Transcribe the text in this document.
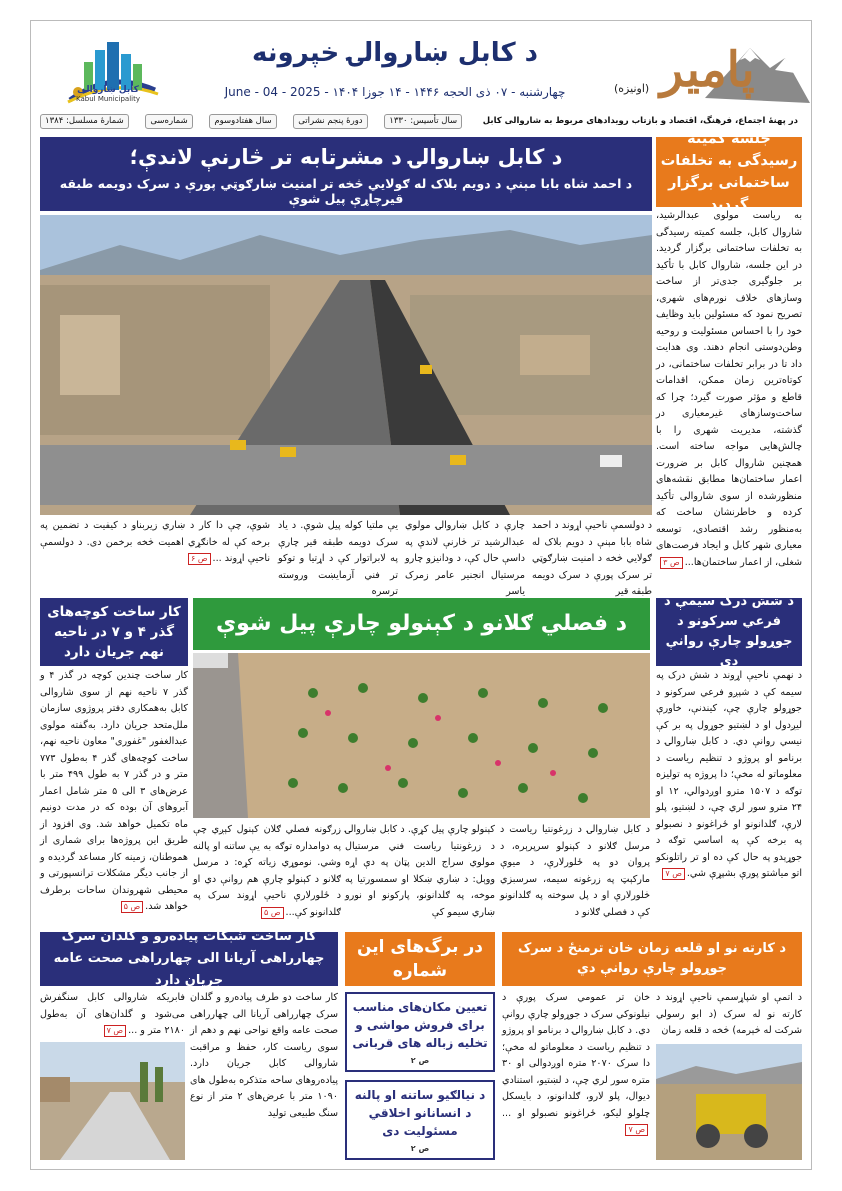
کابل ښاروالی
Kabul Municipality
د کابل ښاروالۍ خپرونه
چهارشنبه - ۰۷ ذی الحجه ۱۴۴۶ - ۱۴ جوزا ۱۴۰۴ - June - 04 - 2025	پامیر
(اونیزه)
در پهنهٔ اجتماع، فرهنگ، اقتصاد و بازتاب رویدادهای مربوط به شاروالی کابل
سال تأسیس: ۱۳۳۰
دورهٔ پنجم نشراتی
سال هفتادوسوم
شماره‌سی
شمارهٔ مسلسل: ۱۳۸۴
د کابل ښاروالۍ د مشرتابه تر څارنې لاندې؛
د احمد شاه بابا مېنې د دویم بلاک له ګولایي څخه تر امنیت ښارګوټي پورې د سرک دویمه طبقه قیرچاړې پیل شوې
د دولسمې ناحیې اړوند د احمد شاه بابا مېنې د دویم بلاک له ګولایي څخه د امنیت ښارګوټي تر سرک پورې د سرک دویمه طبقه قیر
چارې د کابل ښاروالۍ مولوي عبدالرشید تر څارنې لاندې په داسې حال کې، د ودانیزو چارو مرستیال انجنیر عامر زمرک یاسر
یې ملتیا کوله پیل شوې. د یاد سرک دویمه طبقه قیر چارې په لابراتوار کې د اړتیا و توکو تر فني آزمایښت وروسته ترسره
شوې، چې دا کار د ښاري زیربناو د کیفیت د تضمین په برخه کې له خانګړي اهمیت څخه برخمن دی. د دولسمې ناحیې اړوند ...ص ۶
جلسه کمیته رسیدگی به تخلفات ساختمانی برگزار گردید
به ریاست مولوی عبدالرشید، شاروال کابل، جلسه کمیته رسیدگی به تخلفات ساختمانی برگزار گردید. در این جلسه، شاروال کابل با تأکید بر جلوگیری جدی‌تر از ساخت وسازهای خلاف نورم‌های شهری، تصریح نمود که مسئولین باید وظایف خود را با احساس مسئولیت و روحیه وطن‌دوستی انجام دهند. وی هدایت داد تا در برابر تخلفات ساختمانی، در کوتاه‌ترین زمان ممکن، اقدامات قاطع و مؤثر صورت گیرد؛ چرا که ساخت‌وسازهای غیرمعیاری در گذشته، مدیریت شهری را با چالش‌هایی مواجه ساخته است. همچنین شاروال کابل بر ضرورت اعمار ساختمان‌ها مطابق نقشه‌های منظورشده از سوی شاروالی تأکید کرده و خاطرنشان ساخت که به‌منظور رشد اقتصادی، توسعه معیاری شهر کابل و ایجاد فرصت‌های شغلی، از اعمار ساختمان‌ها...ص ۳
کار ساخت کوچه‌های گذر ۴ و ۷ در ناحیه نهم جریان دارد
کار ساخت چندین کوچه در گذر ۴ و گذر ۷ ناحیه نهم از سوی شاروالی کابل به‌همکاری دفتر پروژوی سازمان ملل‌متحد جریان دارد. به‌گفته مولوی عبدالغفور "غفوری" معاون ناحیه نهم، ساخت کوچه‌های گذر ۴ به‌طول ۷۷۳ متر و در گذر ۷ به طول ۴۹۹ متر با عرض‌های ۳ الی ۵ متر شامل اعمار آبروهای آن بوده که در مدت دونیم ماه تکمیل خواهد شد. وی افزود از طریق این پروژه‌ها برای شماری از هموطنان، زمینه کار مساعد گردیده و از جانب دیگر مشکلات ترانسپورتی و محیطی شهروندان ساحات برطرف خواهد شد.ص ۵
د فصلي ګلانو د کېنولو چارې پیل شوې
د کابل ښاروالۍ د زرغونتیا ریاست د مرسل ګلانو د کېنولو سرپرېره، د پروان دو په ځلورلارې، د میوې مارکېټ په زرغونه سیمه، سرسبزي څلورلارې او د پل سوخته په ګلدانونو کې د فصلي ګلانو د
کېنولو چارې پیل کړې. د کابل ښاروالۍ د زرغونتیا ریاست فني مرستیال مولوي سراج الدین پټان په دې اړه ووېل: د ښاري ښکلا او سمسورتیا په موخه، په ګلدانونو، پارکونو او نورو ښاري سیمو کې
زرګونه فصلي ګلان کېنول کېږي چې په دوامداره توګه به یې ساتنه او پالنه وشي. نوموړي زیاته کړه: د مرسل ګلانو د کېنولو چارې هم روانې دي او د ځلورلارې ناحیې اړوند سرک په ګلدانونو کې...ص ۵
د شش درک سیمې د فرعي سرکونو د جوړولو چارې روانې دي
د نهمې ناحیې اړوند د شش درک په سیمه کې د شپږو فرعي سرکونو د جوړولو چارې چې، کیندنې، خاورې لیږدول او د لښتیو جوړول په بر کې نیسي روانې دي. د کابل ښاروالۍ د برنامو او پروژو د تنظیم ریاست د معلوماتو له مخې؛ دا پروژه په تولیزه توګه د ۱۵۰۷ مترو اوږدوالي، ۱۲ او ۲۴ مترو سور لري چې، د لښتیو، پلو لارې، ګلدانونو او ځراغونو د نصبولو په برخه کې په اساسي توګه د جوړېدو په حال کې ده او تر راتلونکو اتو میاشتو پورې بشپړې شي.ص ۷
کار ساخت شبکات پیاده‌رو و گلدان سرک چهارراهی آریانا الی چهارراهی صحت عامه جریان دارد
کار ساخت دو طرف پیاده‌رو و گلدان سرک چهارراهی آریانا الی چهارراهی صحت عامه واقع نواحی نهم و دهم از سوی ریاست کار، حفظ و مراقبت شاروالی کابل جریان دارد. پیاده‌روهای ساحه متذکره به‌طول های ۱۰۹۰ متر با عرض‌های ۲ متر از نوع سنگ طبیعی تولید
فابریکه شاروالی کابل سنگفرش می‌شود و گلدان‌های آن به‌طول ۲۱۸۰ متر و ...ص ۷
در برگ‌های این شماره
تعیین مکان‌های مناسب برای فروش مواشی و تخلیه زباله های قربانی
ص ۲
د نیالګیو ساتنه او پالنه د انسانانو اخلاقي مسئولیت دی
ص ۲
د کارته نو او قلعه زمان خان ترمنځ د سرک جوړولو چارې روانې دي
د اتمې او شپاړسمې ناحیې اړوند د کارته نو له سرک (د ابو رسولي شرکت له څېرمه) څخه د قلعه زمان
خان تر عمومي سرک پورې د نیلونوکي سرک د جوړولو چارې روانې دي. د کابل ښاروالۍ د برنامو او پروژو د تنظیم ریاست د معلوماتو له مخې؛ دا سرک ۲۰۷۰ متره اوږدوالی او ۳۰ متره سور لري چې، د لښتیو، استنادي دیوال، پلو لارو، ګلدانونو، د بایسکل چلولو لیکو، ځراغونو نصبولو او ...ص ۷
